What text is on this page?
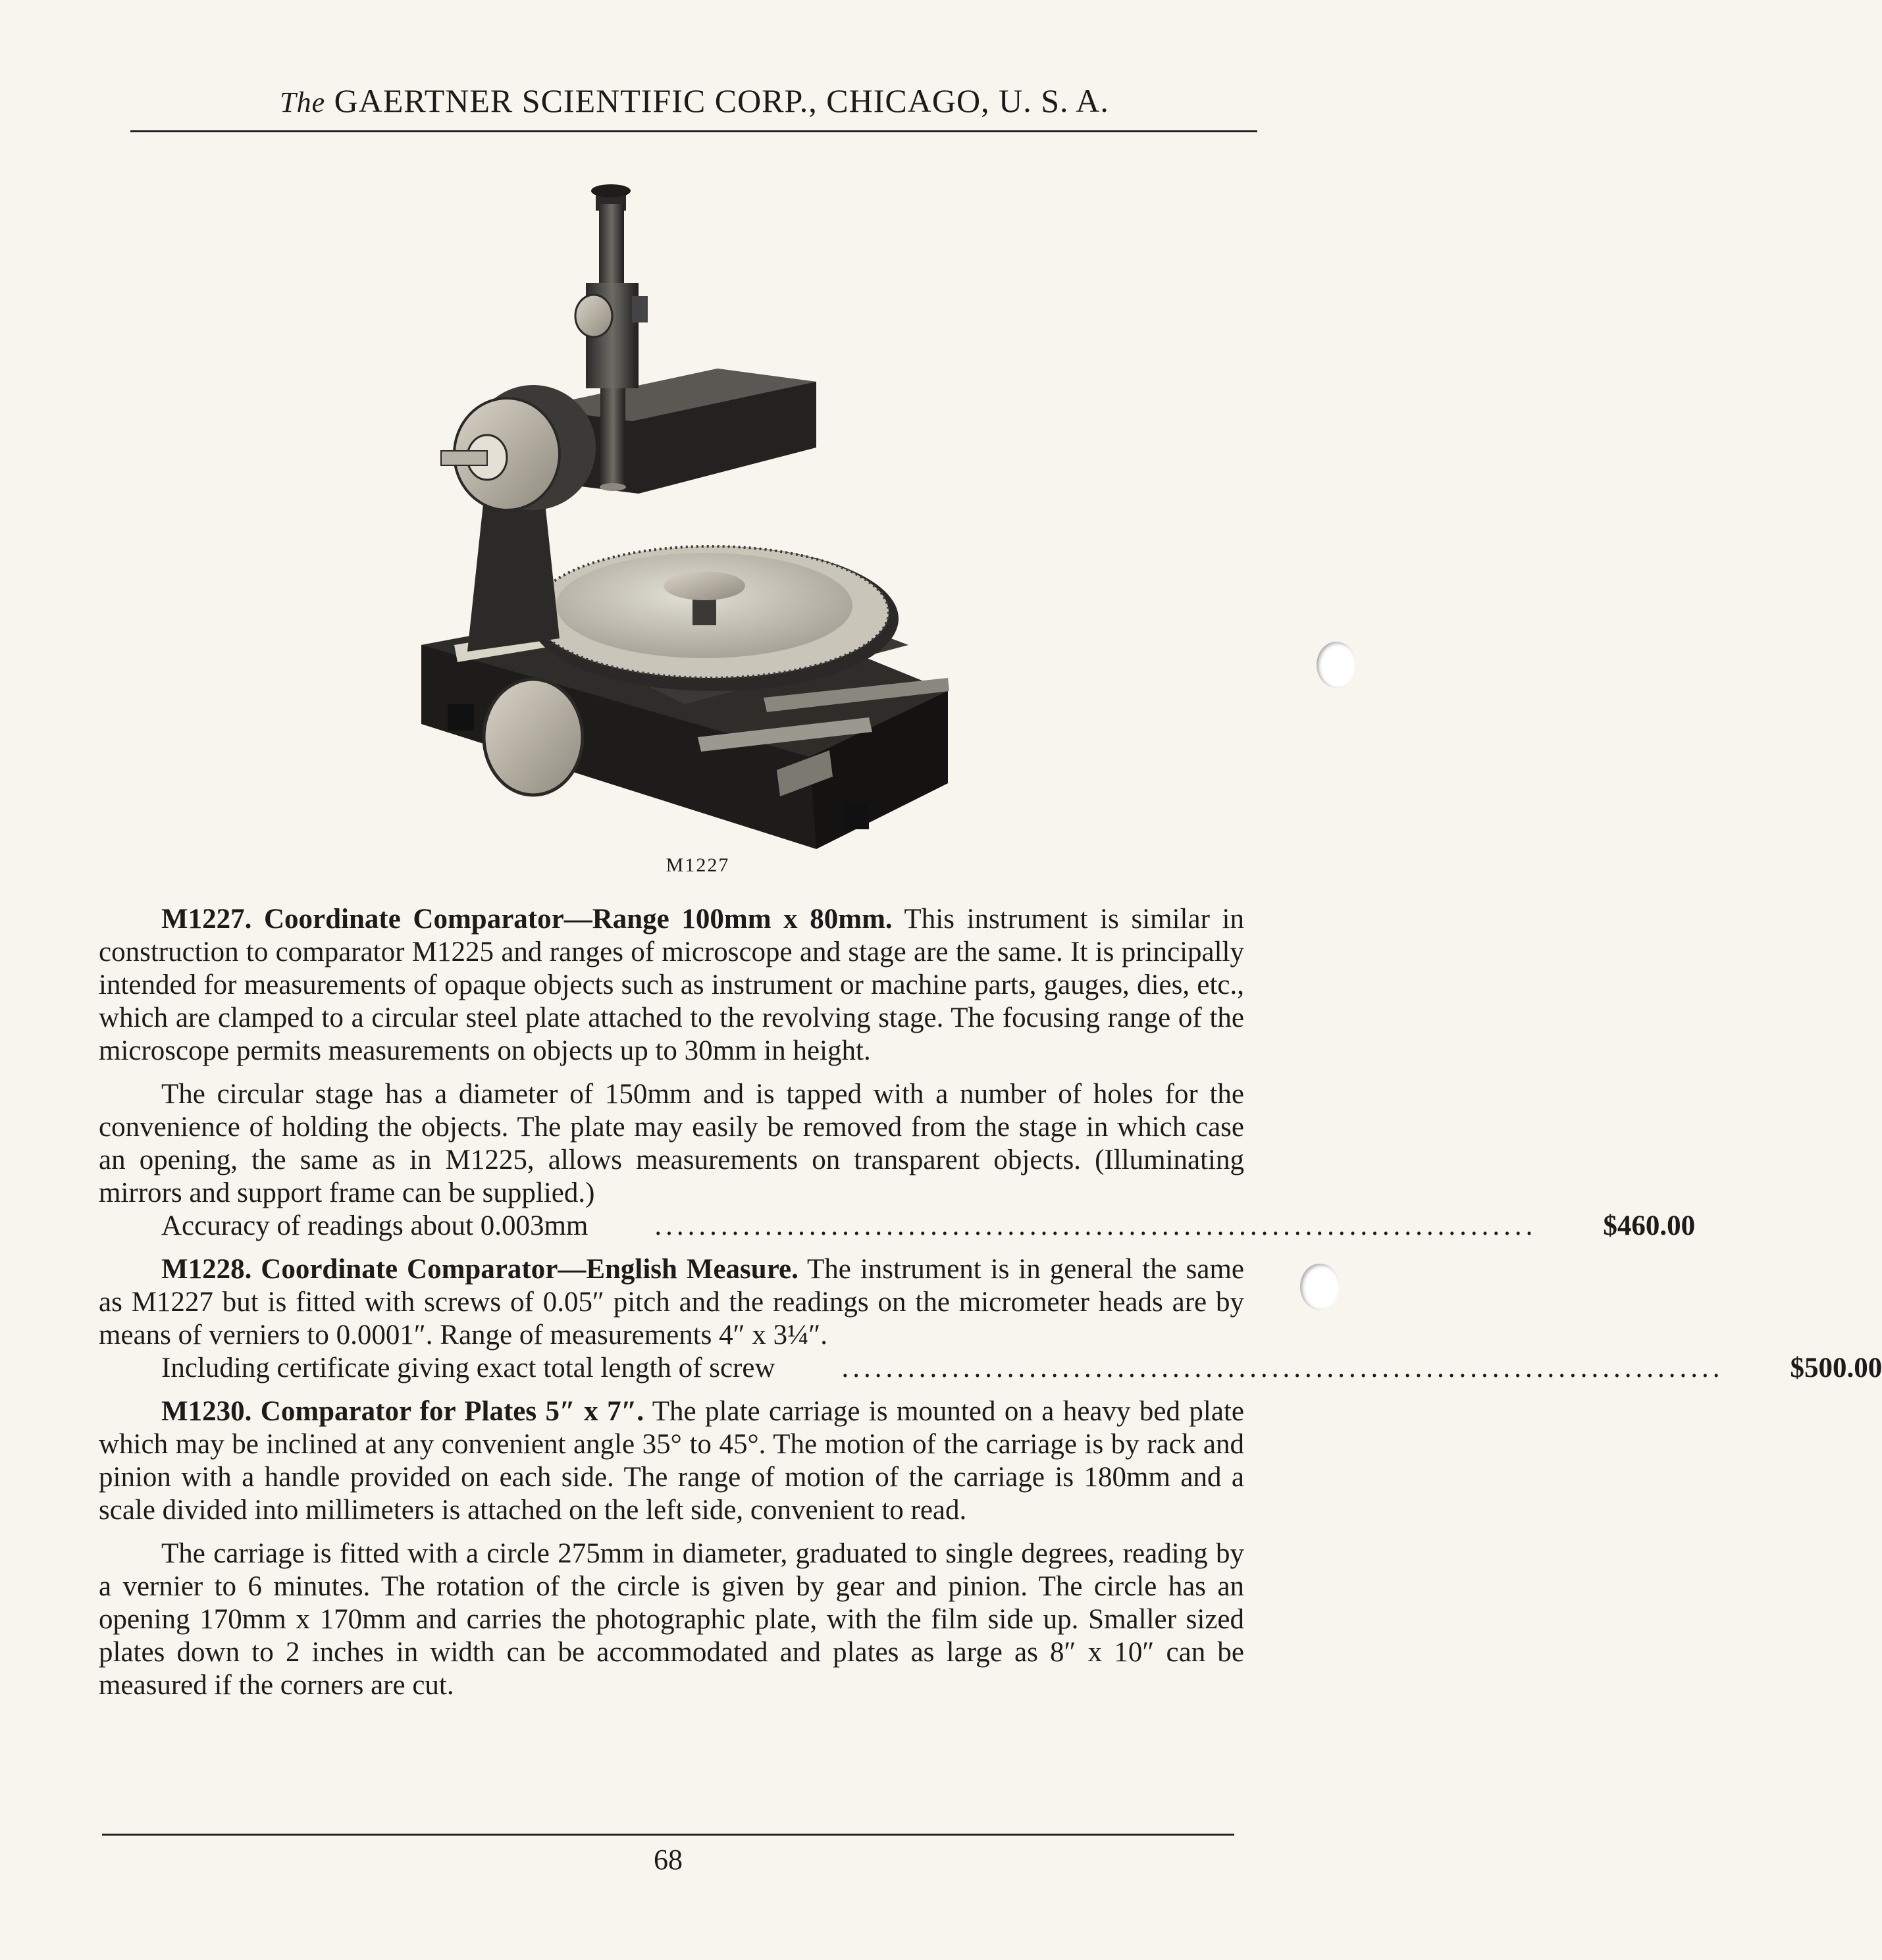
The GAERTNER SCIENTIFIC CORP., CHICAGO, U. S. A.
M1227

M1227. Coordinate Comparator—Range 100mm x 80mm. This instrument is similar in construction to comparator M1225 and ranges of microscope and stage are the same. It is principally intended for measurements of opaque objects such as instrument or machine parts, gauges, dies, etc., which are clamped to a circular steel plate attached to the revolving stage. The focusing range of the microscope permits measurements on objects up to 30mm in height.

The circular stage has a diameter of 150mm and is tapped with a number of holes for the convenience of holding the objects. The plate may easily be removed from the stage in which case an opening, the same as in M1225, allows measurements on transparent objects. (Illuminating mirrors and support frame can be supplied.)
Accuracy of readings about 0.003mm	................................................................................	$460.00

M1228. Coordinate Comparator—English Measure. The instrument is in general the same as M1227 but is fitted with screws of 0.05″ pitch and the readings on the micrometer heads are by means of verniers to 0.0001″. Range of measurements 4″ x 3¼″.
Including certificate giving exact total length of screw	................................................................................	$500.00

M1230. Comparator for Plates 5″ x 7″. The plate carriage is mounted on a heavy bed plate which may be inclined at any convenient angle 35° to 45°. The motion of the carriage is by rack and pinion with a handle provided on each side. The range of motion of the carriage is 180mm and a scale divided into millimeters is attached on the left side, convenient to read.

The carriage is fitted with a circle 275mm in diameter, graduated to single degrees, reading by a vernier to 6 minutes. The rotation of the circle is given by gear and pinion. The circle has an opening 170mm x 170mm and carries the photographic plate, with the film side up. Smaller sized plates down to 2 inches in width can be accommodated and plates as large as 8″ x 10″ can be measured if the corners are cut.

68
